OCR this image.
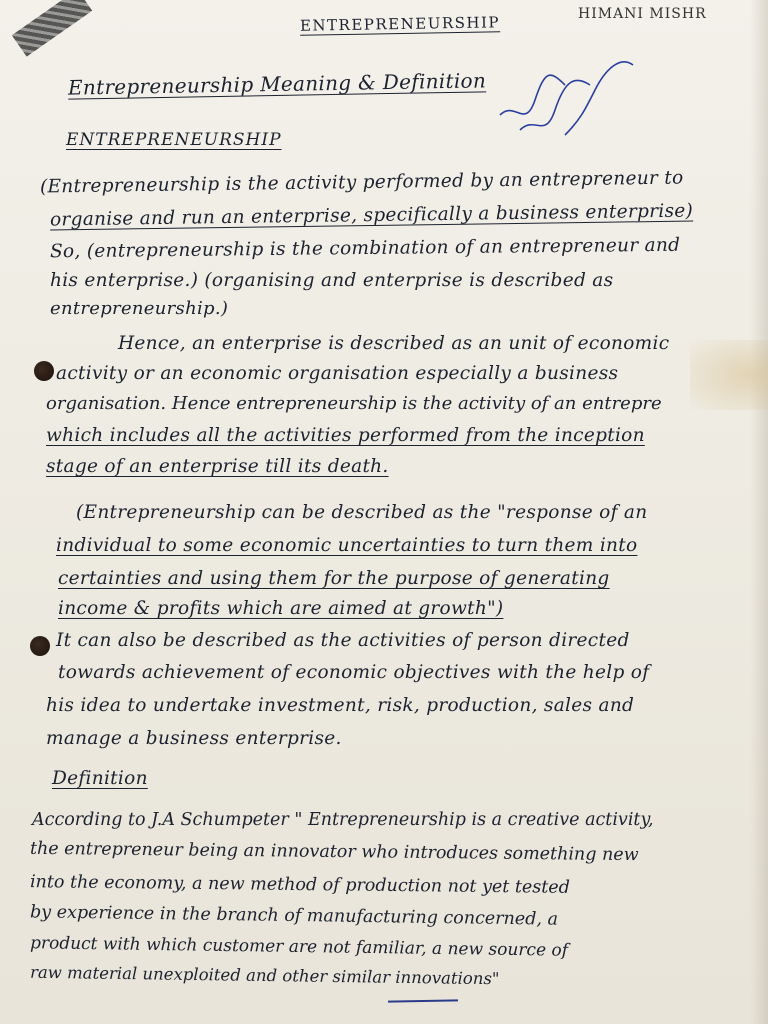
ENTREPRENEURSHIP	HIMANI MISHR
Entrepreneurship Meaning & Definition
ENTREPRENEURSHIP
(Entrepreneurship is the activity performed by an entrepreneur to
organise and run an enterprise, specifically a business enterprise)
So, (entrepreneurship is the combination of an entrepreneur and
his enterprise.) (organising and enterprise is described as
entrepreneurship.)
Hence, an enterprise is described as an unit of economic
activity or an economic organisation especially a business
organisation. Hence entrepreneurship is the activity of an entrepre
which includes all the activities performed from the inception
stage of an enterprise till its death.
(Entrepreneurship can be described as the "response of an
individual to some economic uncertainties to turn them into
certainties and using them for the purpose of generating
income & profits which are aimed at growth")
It can also be described as the activities of person directed
towards achievement of economic objectives with the help of
his idea to undertake investment, risk, production, sales and
manage a business enterprise.
Definition
According to J.A Schumpeter " Entrepreneurship is a creative activity,
the entrepreneur being an innovator who introduces something new
into the economy, a new method of production not yet tested
by experience in the branch of manufacturing concerned, a
product with which customer are not familiar, a new source of
raw material unexploited and other similar innovations"
